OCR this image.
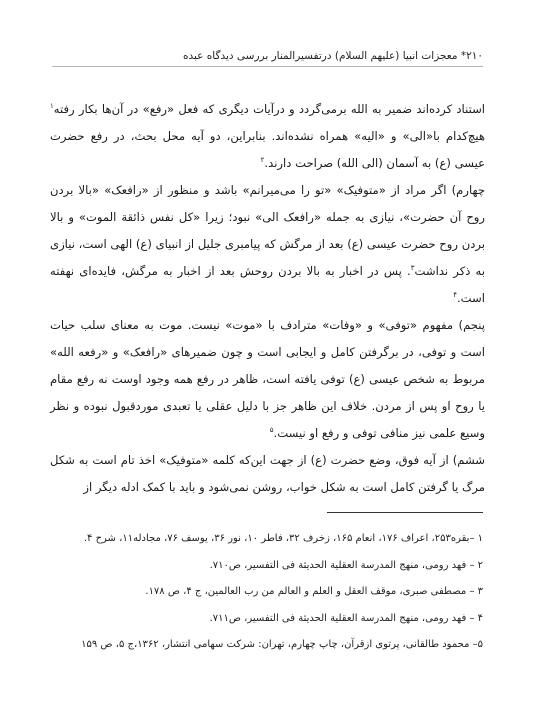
۲۱۰* معجزات انبیا (علیهم السلام) درتفسیرالمنار بررسی دیدگاه عبده

استناد کرده‌اند ضمیر به الله برمی‌گردد و درآیات دیگری که فعل «رفع» در آن‌ها بکار رفته$^۱$ هیچ‌کدام با«الی» و «الیه» همراه نشده‌اند. بنابراین، دو آیه محل بحث، در رفع حضرت عیسی (ع) به آسمان (الی الله) صراحت دارند.$^۲$

چهارم) اگر مراد از «متوفیک» «تو را می‌میرانم» باشد و منظور از «رافعک» «بالا بردن روح آن حضرت»، نیازی به جمله «رافعک الی» نبود؛ زیرا «کل نفس ذائقة الموت» و بالا بردن روح حضرت عیسی (ع) بعد از مرگش که پیامبری جلیل از انبیای (ع) الهی است، نیازی به ذکر نداشت$^۳$. پس در اخبار به بالا بردن روحش بعد از اخبار به مرگش، فایده‌ای نهفته است.$^۴$

پنجم) مفهوم «توفی» و «وفات» مترادف با «موت» نیست. موت به معنای سلب حیات است و توفی، در برگرفتن کامل و ایجابی است و چون ضمیرهای «رافعک» و «رفعه الله» مربوط به شخص عیسی (ع) توفی یافته است، ظاهر در رفع همه وجود اوست نه رفع مقام یا روح او پس از مردن. خلاف این ظاهر جز با دلیل عقلی یا تعبدی موردقبول نبوده و نظر وسیع علمی نیز منافی توفی و رفع او نیست.$^۵$

ششم) از آیه فوق، وضع حضرت (ع) از جهت این‌که کلمه «متوفیک» اخذ تام است به شکل مرگ یا گرفتن کامل است به شکل خواب، روشن نمی‌شود و باید با کمک ادله دیگر از

۱ –بقره۲۵۳، اعراف ۱۷۶، انعام ۱۶۵، زخرف ۳۲، فاطر ۱۰، نور ۳۶، یوسف ۷۶، مجادله۱۱، شرح ۴.
۲ – فهد رومی، منهج المدرسة العقلیة الحدیثة فی التفسیر، ص۷۱۰.
۳ – مصطفی صبری، موقف العقل و العلم و العالم من رب العالمین، ج ۴، ص ۱۷۸.
۴ – فهد رومی، منهج المدرسة العقلیة الحدیثة فی التفسیر، ص۷۱۱.
۵– محمود طالقانی، پرتوی ازقرآن، چاپ چهارم، تهران: شرکت سهامی انتشار، ۱۳۶۲،ج ۵، ص ۱۵۹
